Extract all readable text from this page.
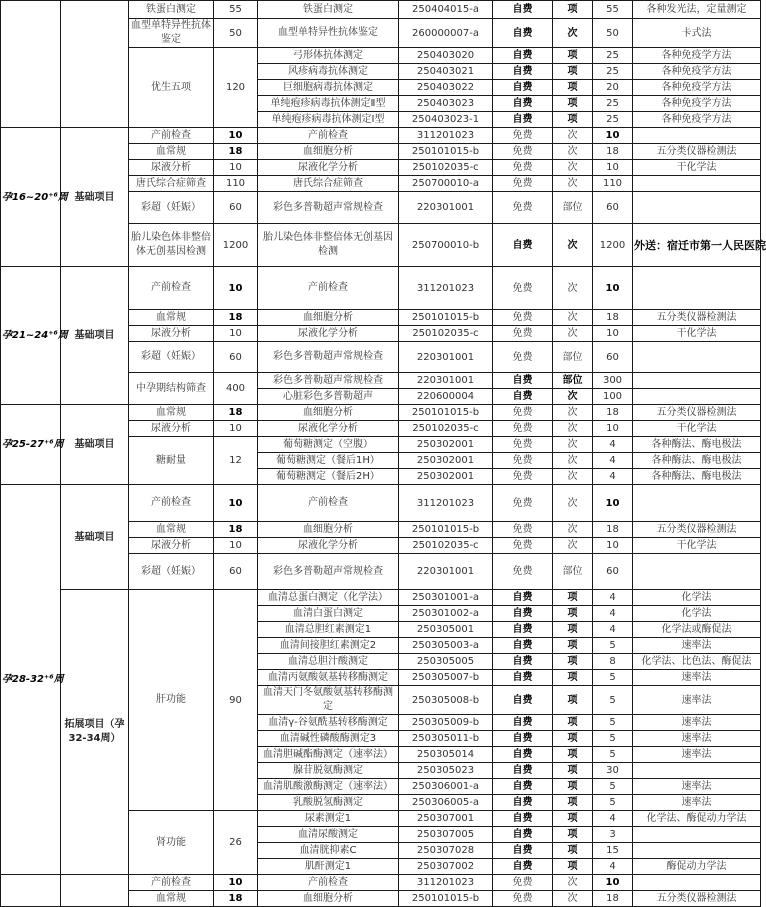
		铁蛋白测定	55	铁蛋白测定	250404015-a	自费	项	55	各种发光法，定量测定
		血型单特异性抗体鉴定	50	血型单特异性抗体鉴定	260000007-a	自费	次	50	卡式法
		优生五项	120	弓形体抗体测定	250403020	自费	项	25	各种免疫学方法
				风疹病毒抗体测定	250403021	自费	项	25	各种免疫学方法
				巨细胞病毒抗体测定	250403022	自费	项	20	各种免疫学方法
				单纯疱疹病毒抗体测定Ⅱ型	250403023	自费	项	25	各种免疫学方法
				单纯疱疹病毒抗体测定Ⅰ型	250403023-1	自费	项	25	各种免疫学方法
孕16~20⁺⁶周	基础项目	产前检查	10	产前检查	311201023	免费	次	10	
		血常规	18	血细胞分析	250101015-b	免费	次	18	五分类仪器检测法
		尿液分析	10	尿液化学分析	250102035-c	免费	次	10	干化学法
		唐氏综合症筛查	110	唐氏综合症筛查	250700010-a	免费	次	110	
		彩超（妊娠）	60	彩色多普勒超声常规检查	220301001	免费	部位	60	
		胎儿染色体非整倍体无创基因检测	1200	胎儿染色体非整倍体无创基因检测	250700010-b	自费	次	1200	外送：宿迁市第一人民医院
孕21~24⁺⁶周	基础项目	产前检查	10	产前检查	311201023	免费	次	10	
		血常规	18	血细胞分析	250101015-b	免费	次	18	五分类仪器检测法
		尿液分析	10	尿液化学分析	250102035-c	免费	次	10	干化学法
		彩超（妊娠）	60	彩色多普勒超声常规检查	220301001	免费	部位	60	
		中孕期结构筛查	400	彩色多普勒超声常规检查	220301001	自费	部位	300	
				心脏彩色多普勒超声	220600004	自费	次	100	
孕25-27⁺⁶周	基础项目	血常规	18	血细胞分析	250101015-b	免费	次	18	五分类仪器检测法
		尿液分析	10	尿液化学分析	250102035-c	免费	次	10	干化学法
		糖耐量	12	葡萄糖测定（空腹）	250302001	免费	次	4	各种酶法、酶电极法
				葡萄糖测定（餐后1H）	250302001	免费	次	4	各种酶法、酶电极法
				葡萄糖测定（餐后2H）	250302001	免费	次	4	各种酶法、酶电极法
孕28-32⁺⁶周	基础项目	产前检查	10	产前检查	311201023	免费	次	10	
		血常规	18	血细胞分析	250101015-b	免费	次	18	五分类仪器检测法
		尿液分析	10	尿液化学分析	250102035-c	免费	次	10	干化学法
		彩超（妊娠）	60	彩色多普勒超声常规检查	220301001	免费	部位	60	
	拓展项目（孕32-34周）	肝功能	90	血清总蛋白测定（化学法）	250301001-a	自费	项	4	化学法
				血清白蛋白测定	250301002-a	自费	项	4	化学法
				血清总胆红素测定1	250305001	自费	项	4	化学法或酶促法
				血清间接胆红素测定2	250305003-a	自费	项	5	速率法
				血清总胆汁酸测定	250305005	自费	项	8	化学法、比色法、酶促法
				血清丙氨酸氨基转移酶测定	250305007-b	自费	项	5	速率法
				血清天门冬氨酸氨基转移酶测定	250305008-b	自费	项	5	速率法
				血清γ-谷氨酰基转移酶测定	250305009-b	自费	项	5	速率法
				血清碱性磷酸酶测定3	250305011-b	自费	项	5	速率法
				血清胆碱酯酶测定（速率法）	250305014	自费	项	5	速率法
				腺苷脱氨酶测定	250305023	自费	项	30	
				血清肌酸激酶测定（速率法）	250306001-a	自费	项	5	速率法
				乳酸脱氢酶测定	250306005-a	自费	项	5	速率法
		肾功能	26	尿素测定1	250307001	自费	项	4	化学法、酶促动力学法
				血清尿酸测定	250307005	自费	项	3	
				血清胱抑素C	250307028	自费	项	15	
				肌酐测定1	250307002	自费	项	4	酶促动力学法
		产前检查	10	产前检查	311201023	免费	次	10	
		血常规	18	血细胞分析	250101015-b	免费	次	18	五分类仪器检测法
